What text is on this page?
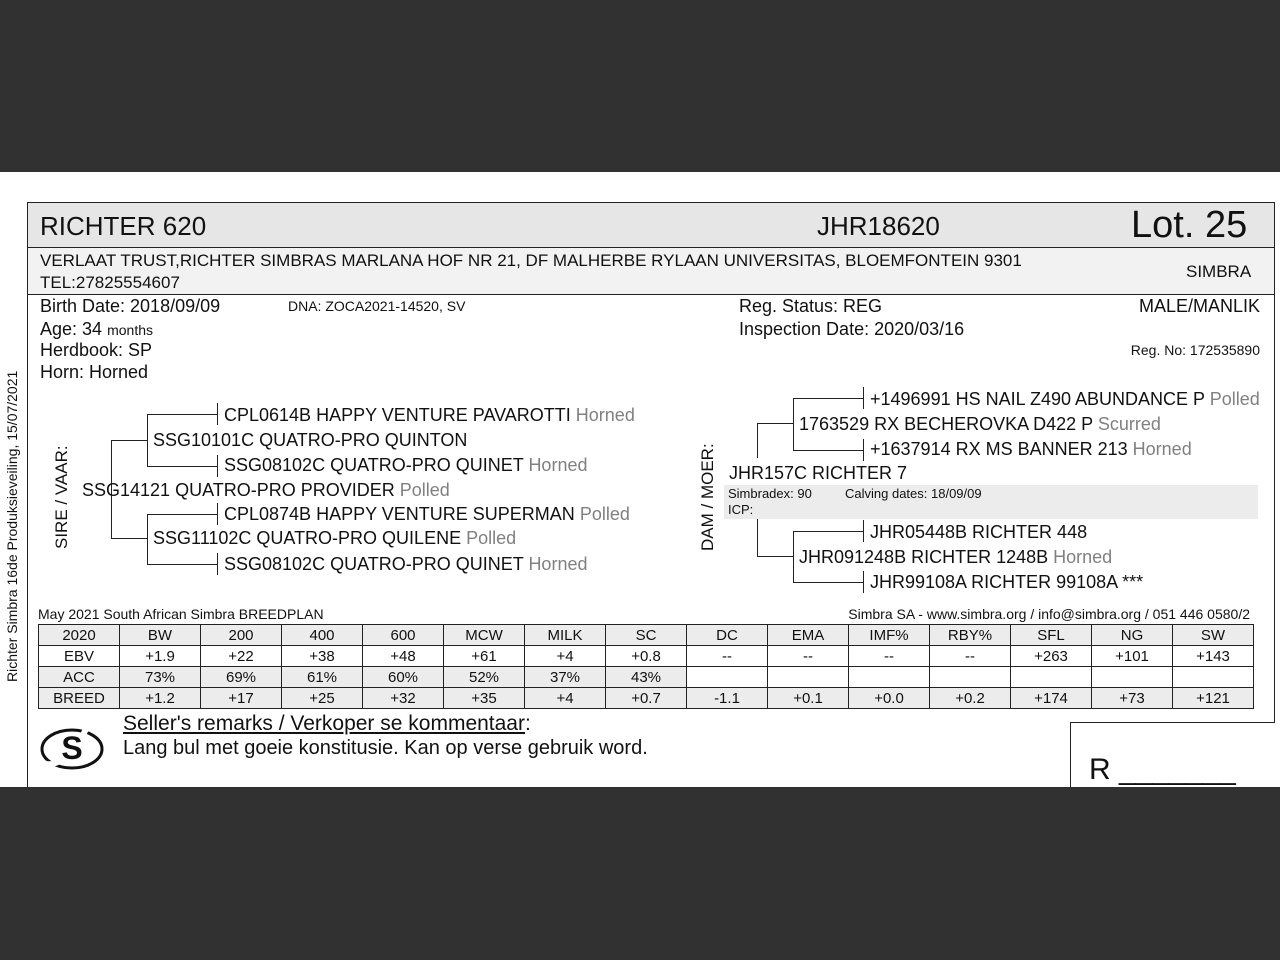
Richter Simbra 16de Produksieveiling, 15/07/2021
RICHTER 620	JHR18620	Lot. 25
VERLAAT TRUST,RICHTER SIMBRAS MARLANA HOF NR 21, DF MALHERBE RYLAAN UNIVERSITAS, BLOEMFONTEIN 9301
TEL:27825554607
SIMBRA
Birth Date: 2018/09/09	DNA: ZOCA2021-14520, SV
Age: 34 months
Herdbook: SP
Horn: Horned
Reg. Status: REG
Inspection Date: 2020/03/16
MALE/MANLIK
Reg. No: 172535890
SIRE / VAAR:
CPL0614B HAPPY VENTURE PAVAROTTI Horned
SSG10101C QUATRO-PRO QUINTON
SSG08102C QUATRO-PRO QUINET Horned
SSG14121 QUATRO-PRO PROVIDER Polled
CPL0874B HAPPY VENTURE SUPERMAN Polled
SSG11102C QUATRO-PRO QUILENE Polled
SSG08102C QUATRO-PRO QUINET Horned
DAM / MOER:
+1496991 HS NAIL Z490 ABUNDANCE P Polled
1763529 RX BECHEROVKA D422 P Scurred
+1637914 RX MS BANNER 213 Horned
JHR157C RICHTER 7
Simbradex: 90	Calving dates: 18/09/09
ICP:
JHR05448B RICHTER 448
JHR091248B RICHTER 1248B Horned
JHR99108A RICHTER 99108A ***
May 2021 South African Simbra BREEDPLAN	Simbra SA - www.simbra.org / info@simbra.org / 051 446 0580/2
2020	BW	200	400	600	MCW	MILK	SC	DC	EMA	IMF%	RBY%	SFL	NG	SW
EBV	+1.9	+22	+38	+48	+61	+4	+0.8	--	--	--	--	+263	+101	+143
ACC	73%	69%	61%	60%	52%	37%	43%							
BREED	+1.2	+17	+25	+32	+35	+4	+0.7	-1.1	+0.1	+0.0	+0.2	+174	+73	+121
S
Seller's remarks / Verkoper se kommentaar:
Lang bul met goeie konstitusie. Kan op verse gebruik word.
R _______
